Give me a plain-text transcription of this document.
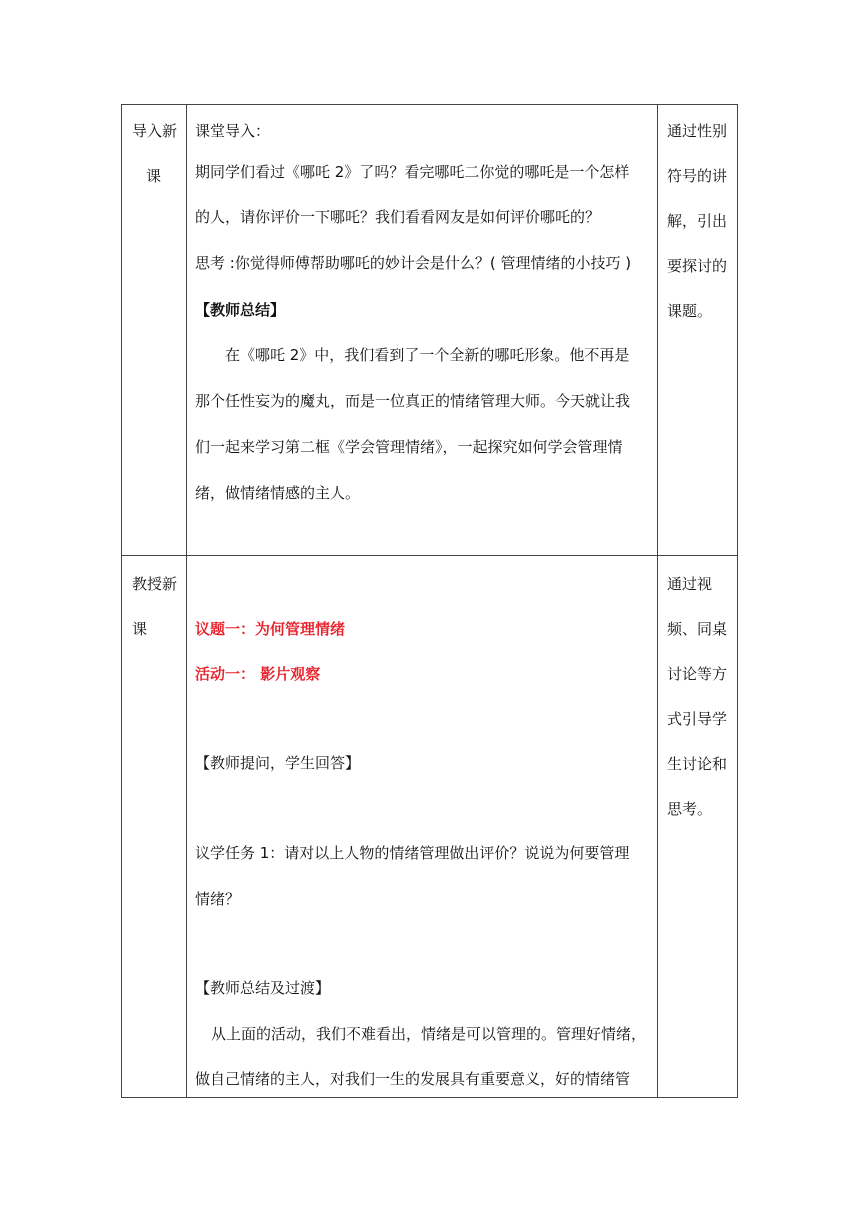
导入新
课
课堂导入：
期同学们看过《哪吒 2》了吗？看完哪吒二你觉的哪吒是一个怎样
的人，请你评价一下哪吒？我们看看网友是如何评价哪吒的？
思考 :你觉得师傅帮助哪吒的妙计会是什么？( 管理情绪的小技巧 )
【教师总结】
在《哪吒 2》中，我们看到了一个全新的哪吒形象。他不再是
那个任性妄为的魔丸，而是一位真正的情绪管理大师。今天就让我
们一起来学习第二框《学会管理情绪》，一起探究如何学会管理情
绪，做情绪情感的主人。
通过性别
符号的讲
解，引出
要探讨的
课题。
教授新
课	议题一：为何管理情绪
活动一： 影片观察
【教师提问，学生回答】
议学任务 1：请对以上人物的情绪管理做出评价？说说为何要管理
情绪？
【教师总结及过渡】
从上面的活动，我们不难看出，情绪是可以管理的。管理好情绪，
做自己情绪的主人，对我们一生的发展具有重要意义，好的情绪管
通过视
频、同桌
讨论等方
式引导学
生讨论和
思考。
